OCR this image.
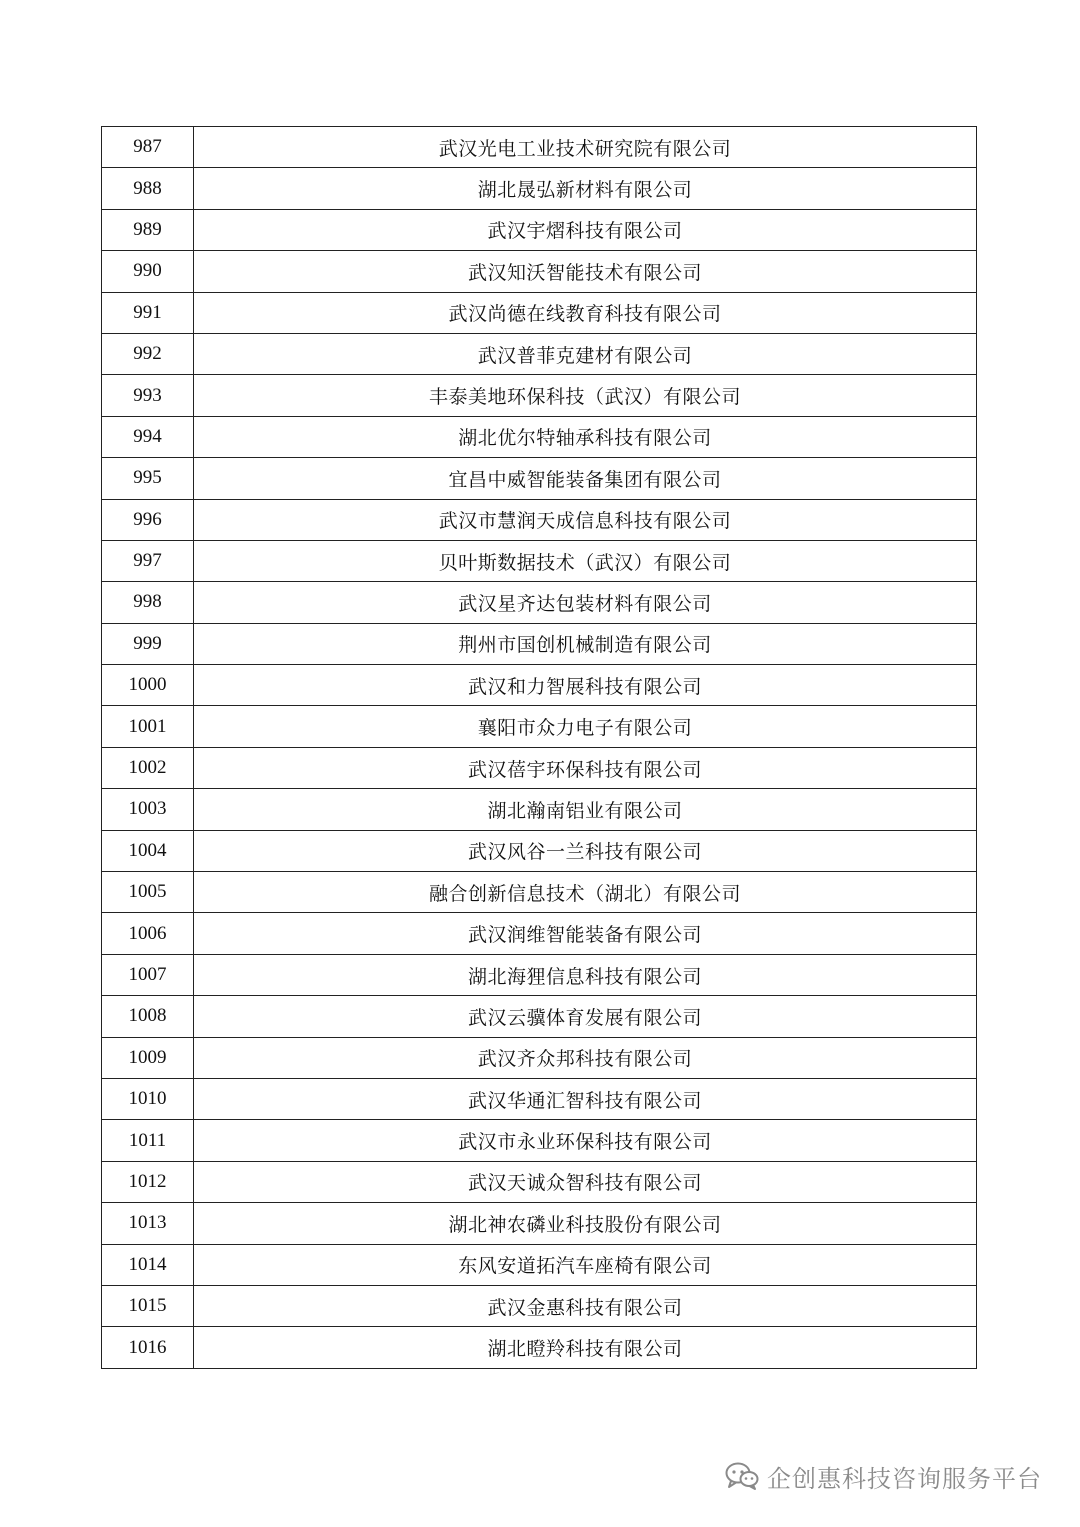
987	武汉光电工业技术研究院有限公司
988	湖北晟弘新材料有限公司
989	武汉宇熠科技有限公司
990	武汉知沃智能技术有限公司
991	武汉尚德在线教育科技有限公司
992	武汉普菲克建材有限公司
993	丰泰美地环保科技（武汉）有限公司
994	湖北优尔特轴承科技有限公司
995	宜昌中威智能装备集团有限公司
996	武汉市慧润天成信息科技有限公司
997	贝叶斯数据技术（武汉）有限公司
998	武汉星齐达包装材料有限公司
999	荆州市国创机械制造有限公司
1000	武汉和力智展科技有限公司
1001	襄阳市众力电子有限公司
1002	武汉蓓宇环保科技有限公司
1003	湖北瀚南铝业有限公司
1004	武汉风谷一兰科技有限公司
1005	融合创新信息技术（湖北）有限公司
1006	武汉润维智能装备有限公司
1007	湖北海狸信息科技有限公司
1008	武汉云骥体育发展有限公司
1009	武汉齐众邦科技有限公司
1010	武汉华通汇智科技有限公司
1011	武汉市永业环保科技有限公司
1012	武汉天诚众智科技有限公司
1013	湖北神农磷业科技股份有限公司
1014	东风安道拓汽车座椅有限公司
1015	武汉金惠科技有限公司
1016	湖北瞪羚科技有限公司
企创惠科技咨询服务平台
